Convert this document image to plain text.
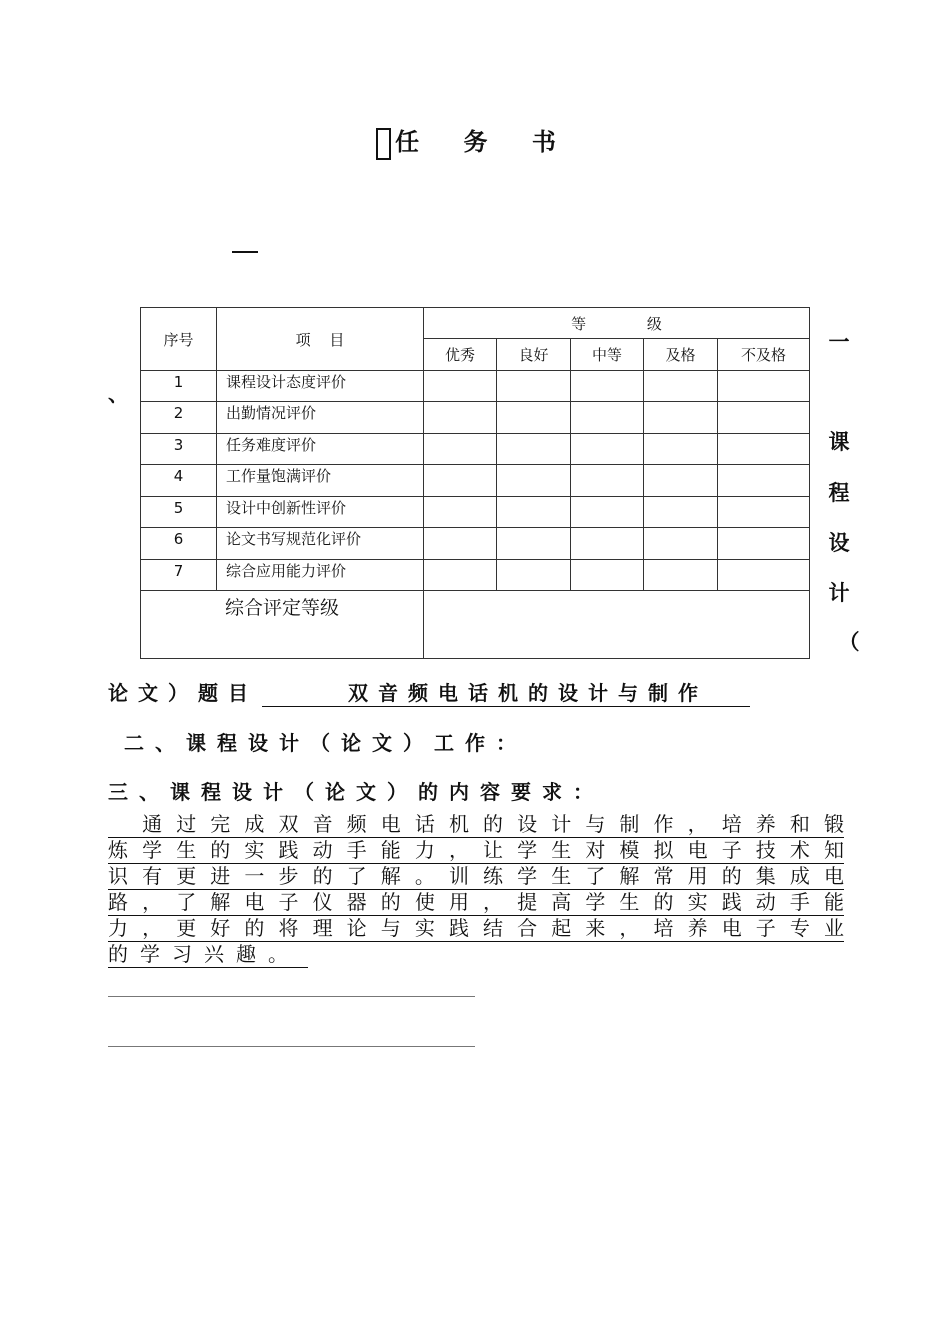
任 务 书
、
一
课
程
设
计
（
序号	项 目	等 级				
		优秀	良好	中等	及格	不及格
1	课程设计态度评价					
2	出勤情况评价					
3	任务难度评价					
4	工作量饱满评价					
5	设计中创新性评价					
6	论文书写规范化评价					
7	综合应用能力评价					
综合评定等级						
论文）题目	双音频电话机的设计与制作
二、课程设计（论文）工作：
三、课程设计（论文）的内容要求：
　通过完成双音频电话机的设计与制作，培养和锻
炼学生的实践动手能力，让学生对模拟电子技术知
识有更进一步的了解。训练学生了解常用的集成电
路，了解电子仪器的使用，提高学生的实践动手能
力，更好的将理论与实践结合起来，培养电子专业
的学习兴趣。
